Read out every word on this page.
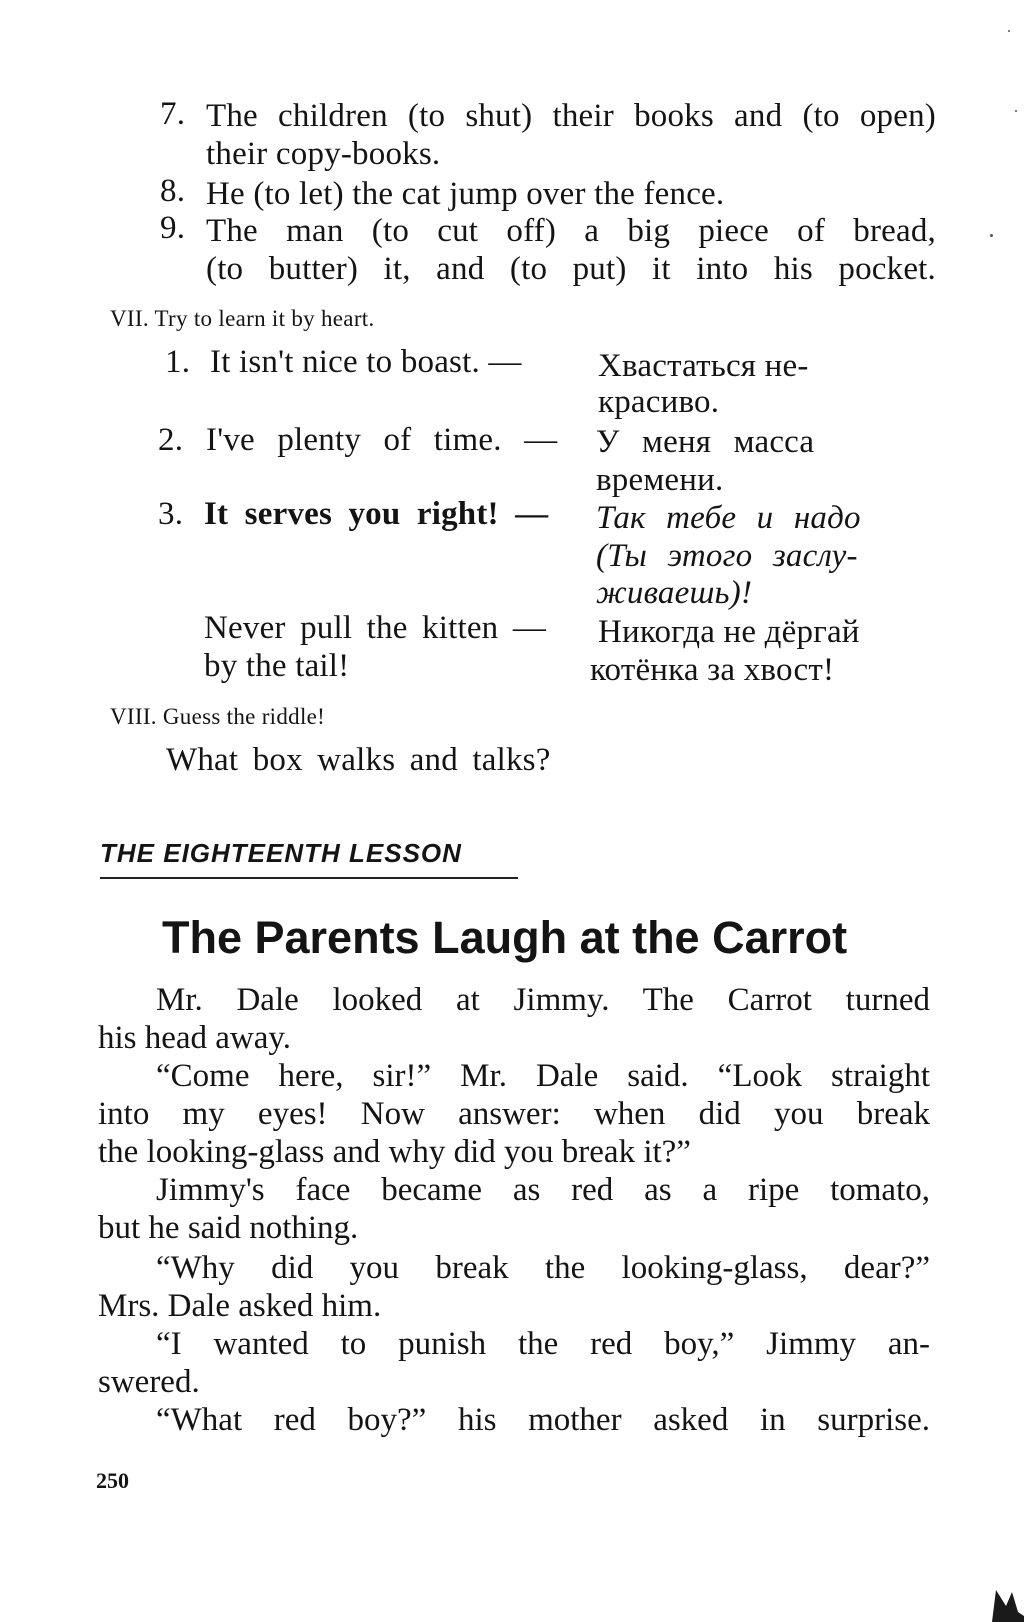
7. The children (to shut) their books and (to open)
their copy-books.
8. He (to let) the cat jump over the fence.
9. The man (to cut off) a big piece of bread,
(to butter) it, and (to put) it into his pocket.
VII. Try to learn it by heart.
1. It isn't nice to boast. — Хвастаться не-
красиво.
2. I've plenty of time. — У меня масса
времени.
3. It serves you right! — Так тебе и надо
(Ты этого заслу-
живаешь)!
Never pull the kitten —
by the tail!
Никогда не дёргай
котёнка за хвост!
VIII. Guess the riddle!
What box walks and talks?
THE EIGHTEENTH LESSON
The Parents Laugh at the Carrot
Mr. Dale looked at Jimmy. The Carrot turned
his head away.
“Come here, sir!” Mr. Dale said. “Look straight
into my eyes! Now answer: when did you break
the looking-glass and why did you break it?”
Jimmy's face became as red as a ripe tomato,
but he said nothing.
“Why did you break the looking-glass, dear?”
Mrs. Dale asked him.
“I wanted to punish the red boy,” Jimmy an-
swered.
“What red boy?” his mother asked in surprise.
250
